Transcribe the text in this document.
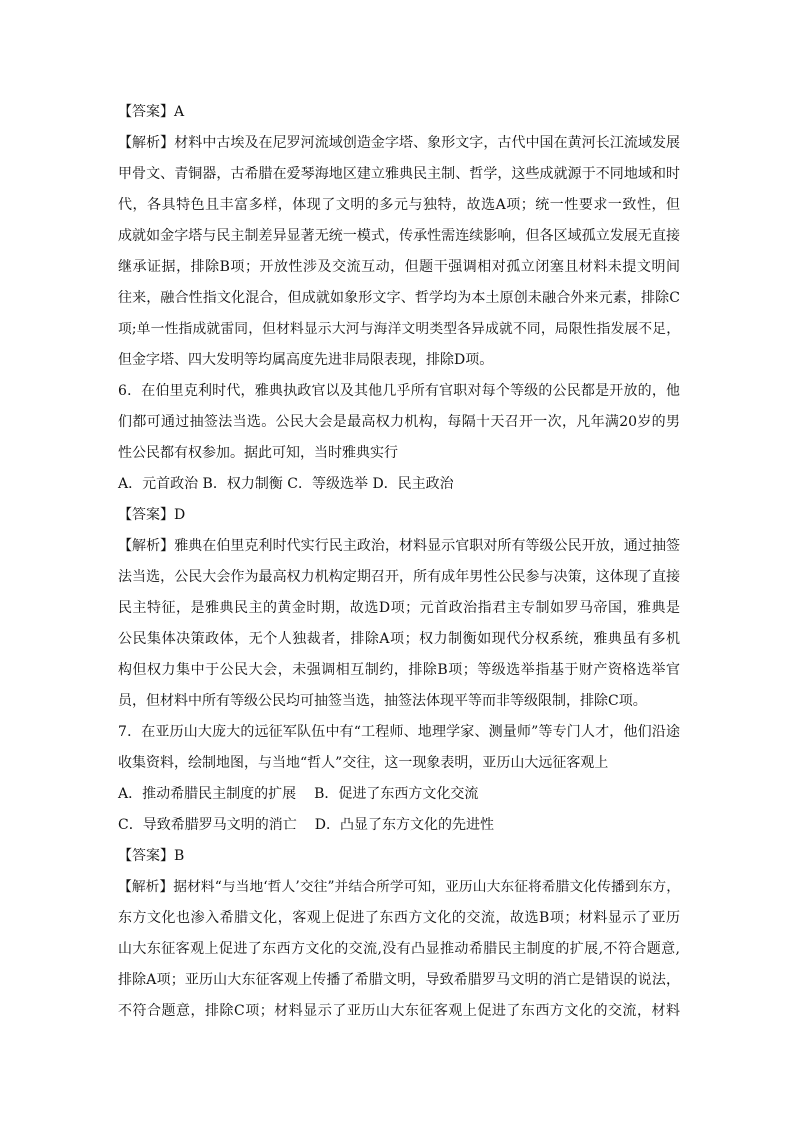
【答案】A
【解析】材料中古埃及在尼罗河流域创造金字塔、象形文字，古代中国在黄河长江流域发展
甲骨文、青铜器，古希腊在爱琴海地区建立雅典民主制、哲学，这些成就源于不同地域和时
代，各具特色且丰富多样，体现了文明的多元与独特，故选A项；统一性要求一致性，但
成就如金字塔与民主制差异显著无统一模式，传承性需连续影响，但各区域孤立发展无直接
继承证据，排除B项；开放性涉及交流互动，但题干强调相对孤立闭塞且材料未提文明间
往来，融合性指文化混合，但成就如象形文字、哲学均为本土原创未融合外来元素，排除C
项;单一性指成就雷同，但材料显示大河与海洋文明类型各异成就不同，局限性指发展不足，
但金字塔、四大发明等均属高度先进非局限表现，排除D项。
6．在伯里克利时代，雅典执政官以及其他几乎所有官职对每个等级的公民都是开放的，他
们都可通过抽签法当选。公民大会是最高权力机构，每隔十天召开一次，凡年满20岁的男
性公民都有权参加。据此可知，当时雅典实行
A．元首政治 B．权力制衡 C．等级选举 D．民主政治
【答案】D
【解析】雅典在伯里克利时代实行民主政治，材料显示官职对所有等级公民开放，通过抽签
法当选，公民大会作为最高权力机构定期召开，所有成年男性公民参与决策，这体现了直接
民主特征，是雅典民主的黄金时期，故选D项；元首政治指君主专制如罗马帝国，雅典是
公民集体决策政体，无个人独裁者，排除A项；权力制衡如现代分权系统，雅典虽有多机
构但权力集中于公民大会，未强调相互制约，排除B项；等级选举指基于财产资格选举官
员，但材料中所有等级公民均可抽签当选，抽签法体现平等而非等级限制，排除C项。
7．在亚历山大庞大的远征军队伍中有“工程师、地理学家、测量师”等专门人才，他们沿途
收集资料，绘制地图，与当地“哲人”交往，这一现象表明，亚历山大远征客观上
A．推动希腊民主制度的扩展 B．促进了东西方文化交流
C．导致希腊罗马文明的消亡 D．凸显了东方文化的先进性
【答案】B
【解析】据材料“与当地‘哲人’交往”并结合所学可知，亚历山大东征将希腊文化传播到东方，
东方文化也渗入希腊文化，客观上促进了东西方文化的交流，故选B项；材料显示了亚历
山大东征客观上促进了东西方文化的交流,没有凸显推动希腊民主制度的扩展,不符合题意,
排除A项；亚历山大东征客观上传播了希腊文明，导致希腊罗马文明的消亡是错误的说法，
不符合题意，排除C项；材料显示了亚历山大东征客观上促进了东西方文化的交流，材料
